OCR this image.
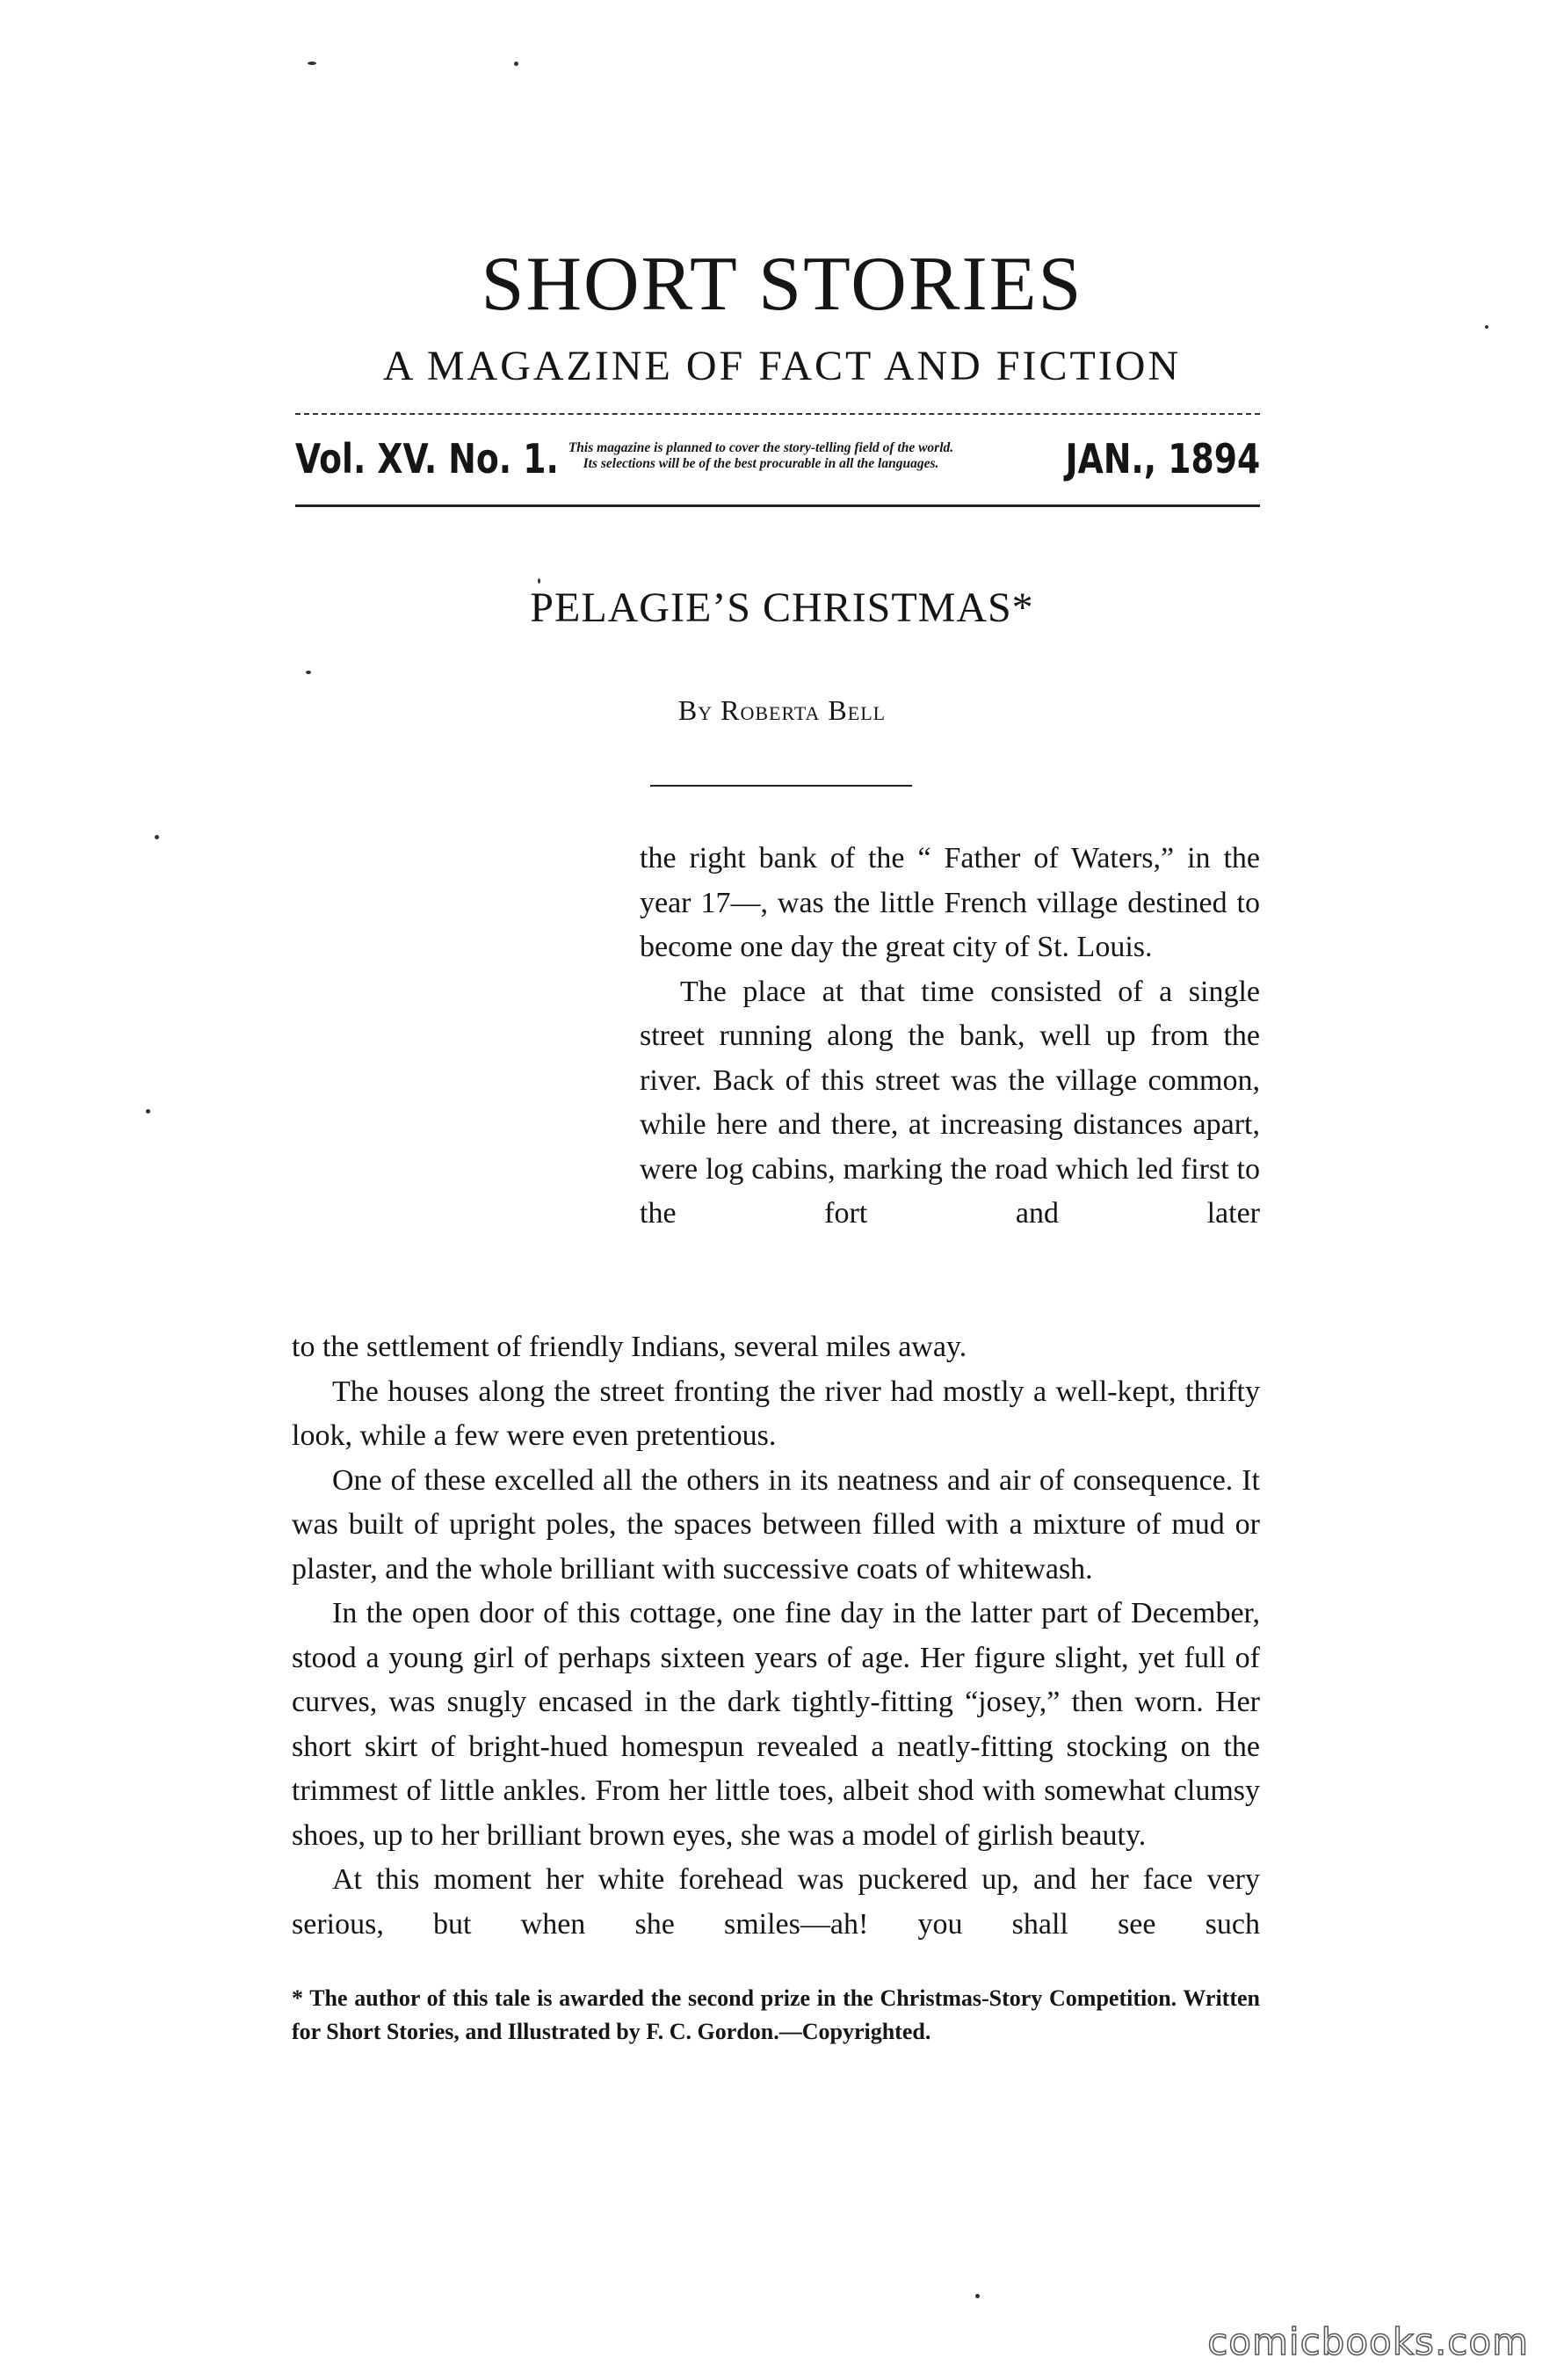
SHORT STORIES
A MAGAZINE OF FACT AND FICTION
Vol. XV. No. 1. This magazine is planned to cover the story-telling field of the world.
Its selections will be of the best procurable in all the languages.	JAN., 1894
PELAGIE’S CHRISTMAS*
By Roberta Bell

the right bank of the “ Father of Waters,” in the year 17—, was the little French village destined to become one day the great city of St. Louis.

The place at that time consisted of a single street running along the bank, well up from the river. Back of this street was the village common, while here and there, at increasing distances apart, were log cabins, marking the road which led first to the fort and later

to the settlement of friendly Indians, several miles away.

The houses along the street fronting the river had mostly a well-kept, thrifty look, while a few were even pretentious.

One of these excelled all the others in its neatness and air of consequence. It was built of upright poles, the spaces between filled with a mixture of mud or plaster, and the whole brilliant with successive coats of whitewash.

In the open door of this cottage, one fine day in the latter part of December, stood a young girl of perhaps sixteen years of age. Her figure slight, yet full of curves, was snugly encased in the dark tightly-fitting “josey,” then worn. Her short skirt of bright-hued homespun revealed a neatly-fitting stocking on the trimmest of little ankles. From her little toes, albeit shod with somewhat clumsy shoes, up to her brilliant brown eyes, she was a model of girlish beauty.

At this moment her white forehead was puckered up, and her face very serious, but when she smiles—ah! you shall see such

* The author of this tale is awarded the second prize in the Christmas-Story Competition. Written for Short Stories, and Illustrated by F. C. Gordon.—Copyrighted.

comicbooks.com
